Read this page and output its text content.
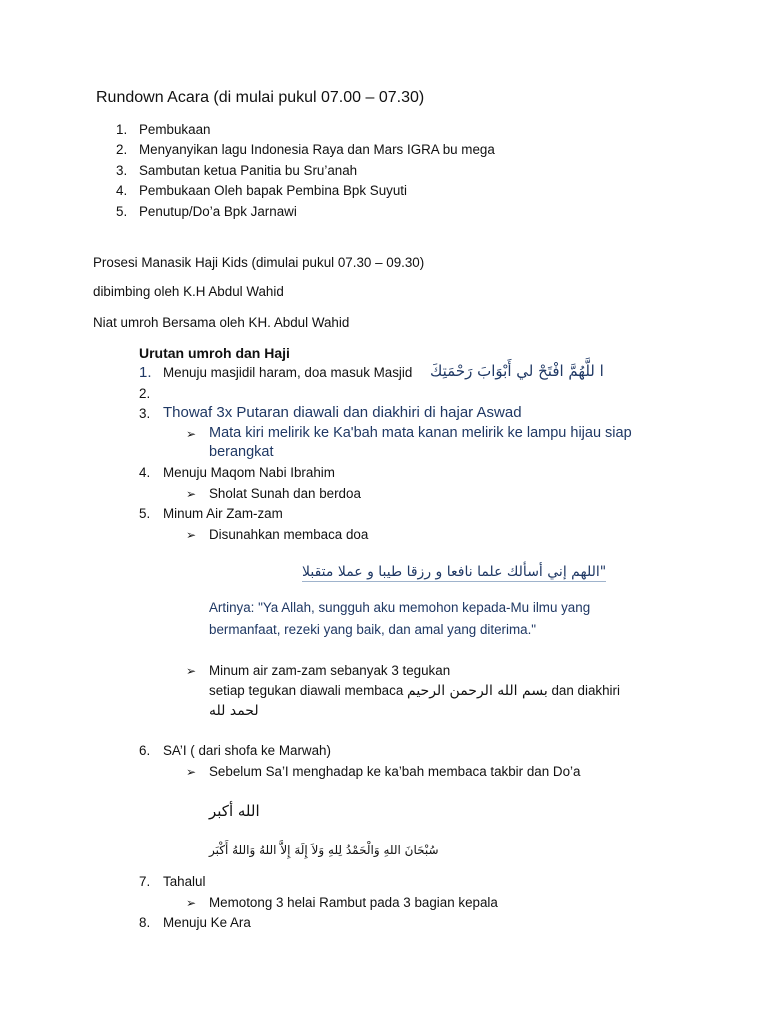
Rundown Acara (di mulai pukul 07.00 – 07.30)
1. Pembukaan
2. Menyanyikan lagu Indonesia Raya dan Mars IGRA bu mega
3. Sambutan ketua Panitia bu Sru’anah
4. Pembukaan Oleh bapak Pembina Bpk Suyuti
5. Penutup/Do’a Bpk Jarnawi
Prosesi Manasik Haji Kids (dimulai pukul 07.30 – 09.30)
dibimbing oleh K.H Abdul Wahid
Niat umroh Bersama oleh KH. Abdul Wahid
Urutan umroh dan Haji
1. Menuju masjidil haram, doa masuk Masjid ا للَّهُمَّ افْتَحْ لي أَبْوَابَ رَحْمَتِكَ
2.
3. Thowaf 3x Putaran diawali dan diakhiri di hajar Aswad
➢ Mata kiri melirik ke Ka'bah mata kanan melirik ke lampu hijau siap
berangkat
4. Menuju Maqom Nabi Ibrahim
➢ Sholat Sunah dan berdoa
5. Minum Air Zam-zam
➢ Disunahkan membaca doa
"اللهم إني أسألك علما نافعا و رزقا طيبا و عملا متقبلا
Artinya: "Ya Allah, sungguh aku memohon kepada-Mu ilmu yang
bermanfaat, rezeki yang baik, dan amal yang diterima."
➢ Minum air zam-zam sebanyak 3 tegukan
setiap tegukan diawali membaca بسم الله الرحمن الرحيم dan diakhiri
لحمد لله
6. SA’I ( dari shofa ke Marwah)
➢ Sebelum Sa’I menghadap ke ka’bah membaca takbir dan Do’a
الله أكبر
سُبْحَانَ اللهِ وَالْحَمْدُ لِلهِ وَلاَ إِلَهَ إِلاَّ اللهُ وَاللهُ أَكْبَر
7. Tahalul
➢ Memotong 3 helai Rambut pada 3 bagian kepala
8. Menuju Ke Ara
